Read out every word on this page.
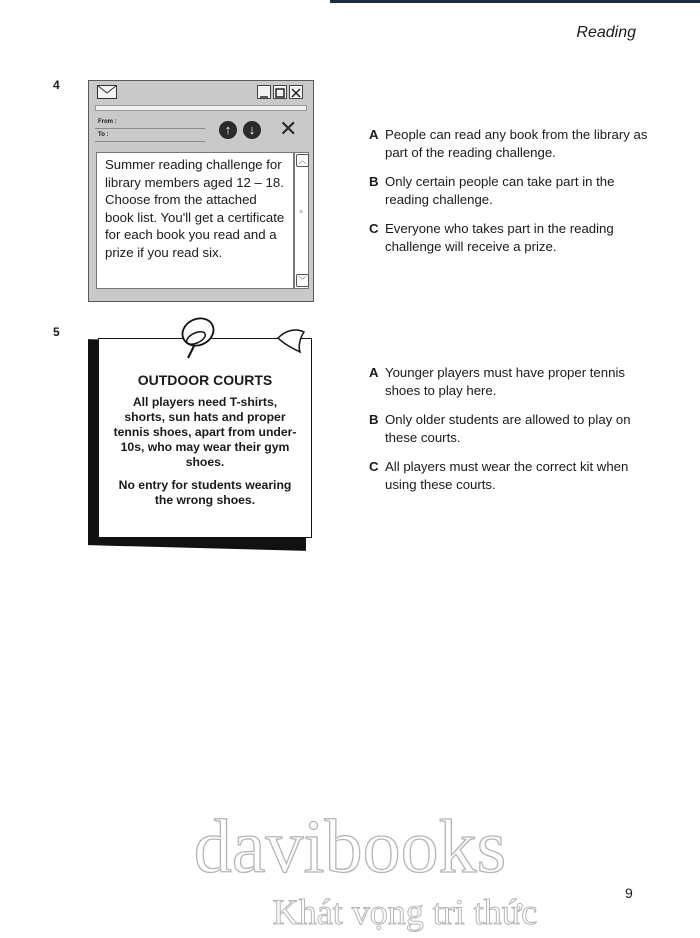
Reading
4
From :
To :	↑	↓ ✕
Summer reading challenge for library members aged 12 – 18. Choose from the attached book list. You'll get a certificate for each book you read and a prize if you read six.
︿
≡
﹀
A People can read any book from the library as part of the reading challenge.
B Only certain people can take part in the reading challenge.
C Everyone who takes part in the reading challenge will receive a prize.
5
OUTDOOR COURTS
All players need T-shirts, shorts, sun hats and proper tennis shoes, apart from under-10s, who may wear their gym shoes.
No entry for students wearing the wrong shoes.
A Younger players must have proper tennis shoes to play here.
B Only older students are allowed to play on these courts.
C All players must wear the correct kit when using these courts.
davibooks
Khát vọng tri thức	9
